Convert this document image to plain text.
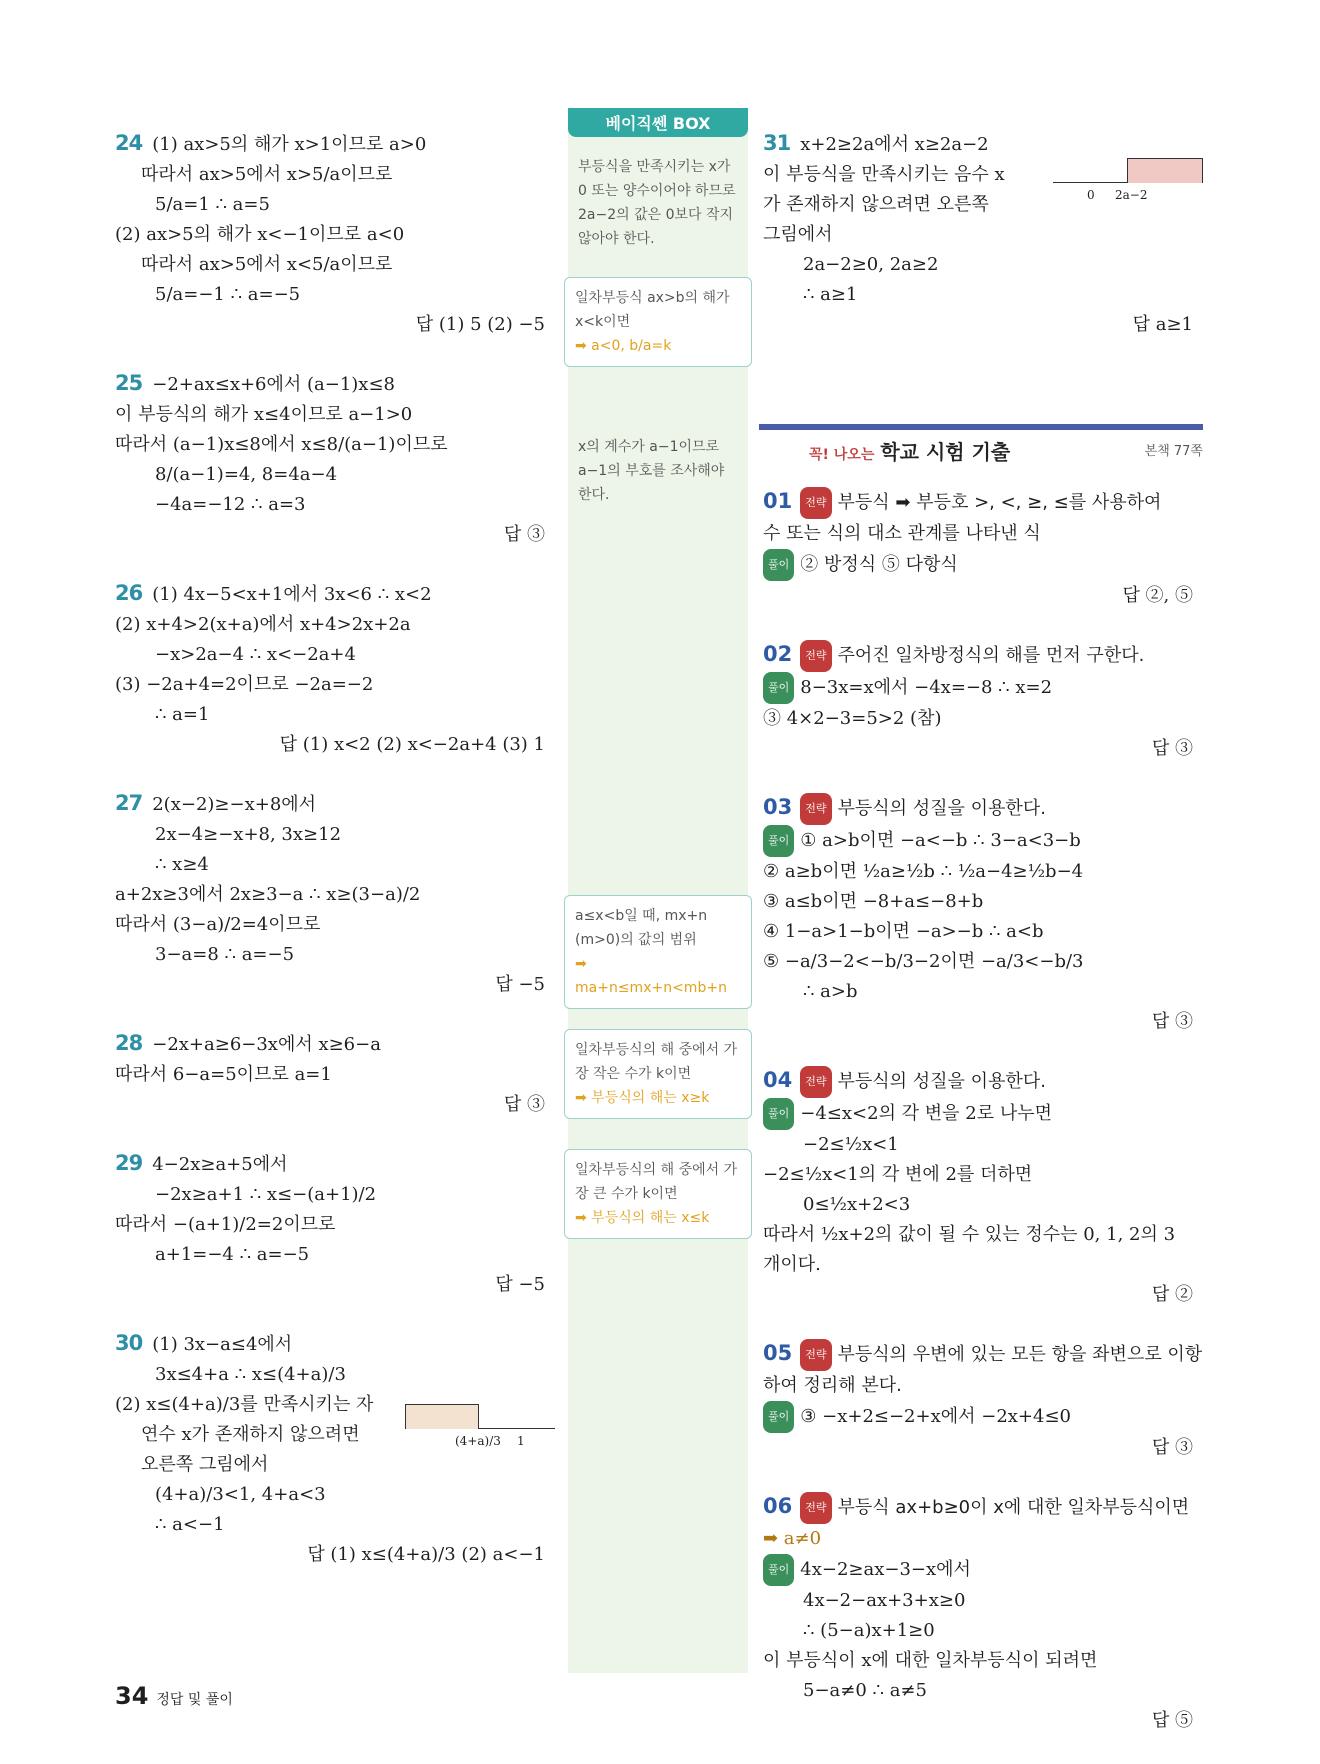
24 (1) ax>5의 해가 x>1이므로 a>0
따라서 ax>5에서 x>5/a이므로
5/a=1 ∴ a=5
(2) ax>5의 해가 x<−1이므로 a<0
따라서 ax>5에서 x<5/a이므로
5/a=−1 ∴ a=−5
답 (1) 5 (2) −5
25 −2+ax≤x+6에서 (a−1)x≤8
이 부등식의 해가 x≤4이므로 a−1>0
따라서 (a−1)x≤8에서 x≤8/(a−1)이므로
8/(a−1)=4, 8=4a−4
−4a=−12 ∴ a=3
답 ③
26 (1) 4x−5<x+1에서 3x<6 ∴ x<2
(2) x+4>2(x+a)에서 x+4>2x+2a
−x>2a−4 ∴ x<−2a+4
(3) −2a+4=2이므로 −2a=−2
∴ a=1
답 (1) x<2 (2) x<−2a+4 (3) 1
27 2(x−2)≥−x+8에서
2x−4≥−x+8, 3x≥12
∴ x≥4
a+2x≥3에서 2x≥3−a ∴ x≥(3−a)/2
따라서 (3−a)/2=4이므로
3−a=8 ∴ a=−5
답 −5
28 −2x+a≥6−3x에서 x≥6−a
따라서 6−a=5이므로 a=1
답 ③
29 4−2x≥a+5에서
−2x≥a+1 ∴ x≤−(a+1)/2
따라서 −(a+1)/2=2이므로
a+1=−4 ∴ a=−5
답 −5
30 (1) 3x−a≤4에서
3x≤4+a ∴ x≤(4+a)/3
(2) x≤(4+a)/3를 만족시키는 자
연수 x가 존재하지 않으려면
오른쪽 그림에서
(4+a)/3 1
(4+a)/3<1, 4+a<3
∴ a<−1
답 (1) x≤(4+a)/3 (2) a<−1
베이직쎈 BOX
부등식을 만족시키는 x가 0 또는 양수이어야 하므로 2a−2의 값은 0보다 작지 않아야 한다.
일차부등식 ax>b의 해가 x<k이면
➡ a<0, b/a=k
x의 계수가 a−1이므로 a−1의 부호를 조사해야 한다.
a≤x<b일 때, mx+n (m>0)의 값의 범위
➡ ma+n≤mx+n<mb+n
일차부등식의 해 중에서 가장 작은 수가 k이면
➡ 부등식의 해는 x≥k
일차부등식의 해 중에서 가장 큰 수가 k이면
➡ 부등식의 해는 x≤k
31 x+2≥2a에서 x≥2a−2
이 부등식을 만족시키는 음수 x
가 존재하지 않으려면 오른쪽
그림에서
0 2a−2
2a−2≥0, 2a≥2
∴ a≥1
답 a≥1
꼭! 나오는 학교 시험 기출	본책 77쪽
01 전략 부등식 ➡ 부등호 >, <, ≥, ≤를 사용하여
수 또는 식의 대소 관계를 나타낸 식
풀이 ② 방정식 ⑤ 다항식
답 ②, ⑤
02 전략 주어진 일차방정식의 해를 먼저 구한다.
풀이 8−3x=x에서 −4x=−8 ∴ x=2
③ 4×2−3=5>2 (참)
답 ③
03 전략 부등식의 성질을 이용한다.
풀이 ① a>b이면 −a<−b ∴ 3−a<3−b
② a≥b이면 ½a≥½b ∴ ½a−4≥½b−4
③ a≤b이면 −8+a≤−8+b
④ 1−a>1−b이면 −a>−b ∴ a<b
⑤ −a/3−2<−b/3−2이면 −a/3<−b/3
∴ a>b
답 ③
04 전략 부등식의 성질을 이용한다.
풀이 −4≤x<2의 각 변을 2로 나누면
−2≤½x<1
−2≤½x<1의 각 변에 2를 더하면
0≤½x+2<3
따라서 ½x+2의 값이 될 수 있는 정수는 0, 1, 2의 3
개이다.
답 ②
05 전략 부등식의 우변에 있는 모든 항을 좌변으로 이항
하여 정리해 본다.
풀이 ③ −x+2≤−2+x에서 −2x+4≤0
답 ③
06 전략 부등식 ax+b≥0이 x에 대한 일차부등식이면
➡ a≠0
풀이 4x−2≥ax−3−x에서
4x−2−ax+3+x≥0
∴ (5−a)x+1≥0
이 부등식이 x에 대한 일차부등식이 되려면
5−a≠0 ∴ a≠5
답 ⑤
34 정답 및 풀이
